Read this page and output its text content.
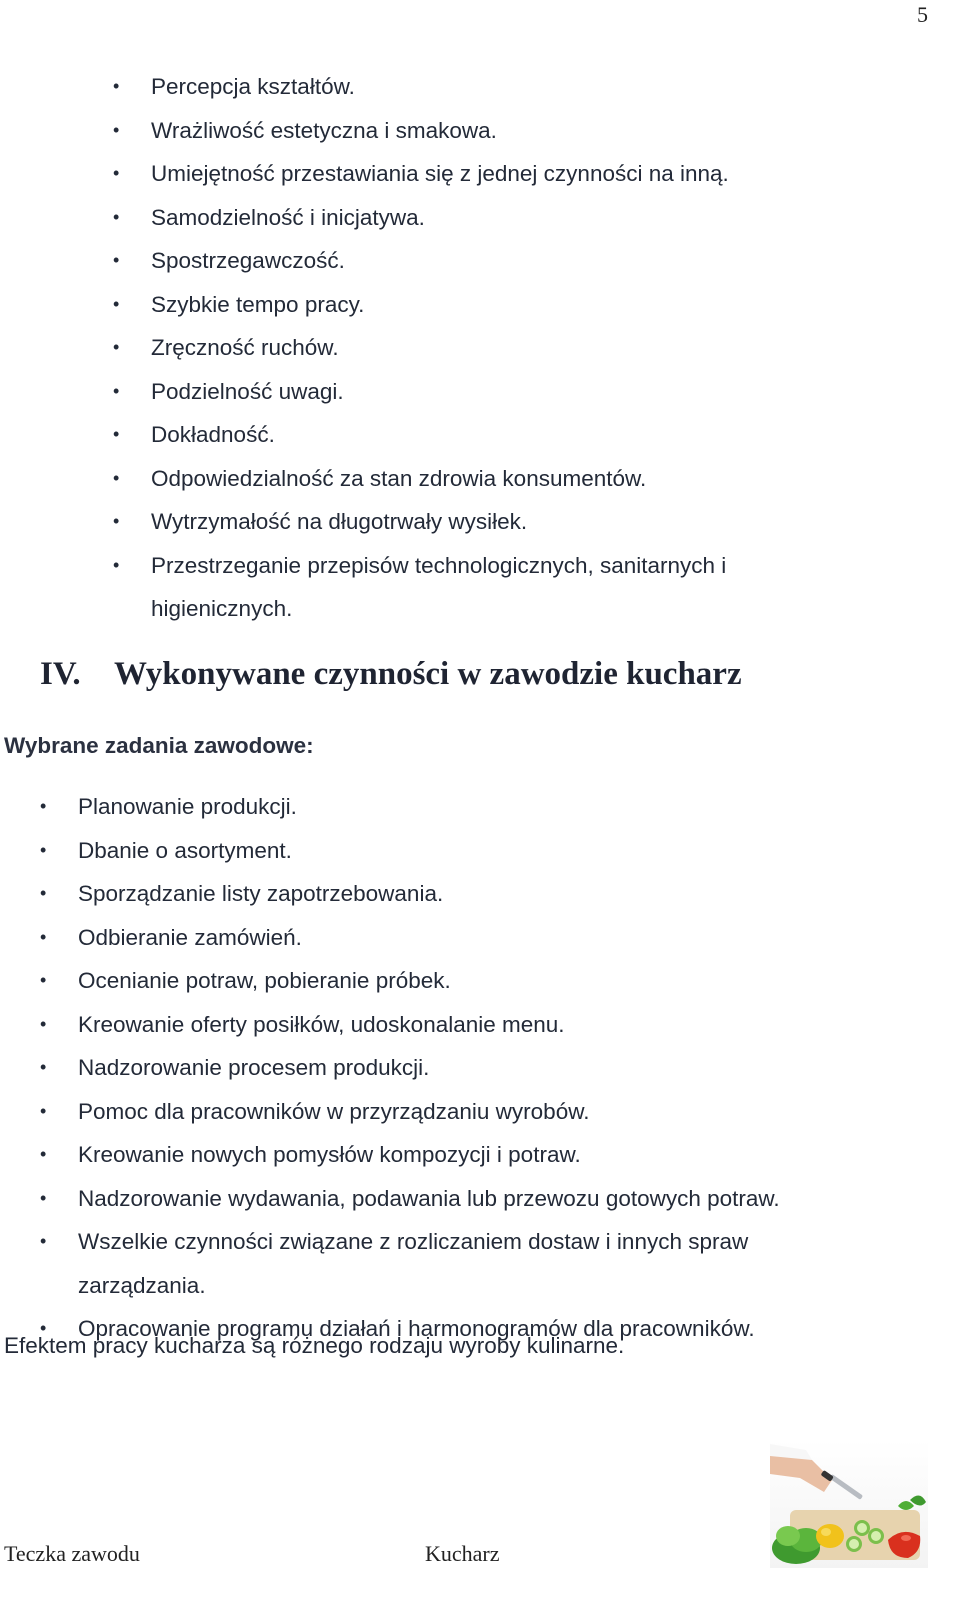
5
• Percepcja kształtów.
• Wrażliwość estetyczna i smakowa.
• Umiejętność przestawiania się z jednej czynności na inną.
• Samodzielność i inicjatywa.
• Spostrzegawczość.
• Szybkie tempo pracy.
• Zręczność ruchów.
• Podzielność uwagi.
• Dokładność.
• Odpowiedzialność za stan zdrowia konsumentów.
• Wytrzymałość na długotrwały wysiłek.
• Przestrzeganie przepisów technologicznych, sanitarnych i higienicznych.
IV. Wykonywane czynności w zawodzie kucharz
Wybrane zadania zawodowe:
• Planowanie produkcji.
• Dbanie o asortyment.
• Sporządzanie listy zapotrzebowania.
• Odbieranie zamówień.
• Ocenianie potraw, pobieranie próbek.
• Kreowanie oferty posiłków, udoskonalanie menu.
• Nadzorowanie procesem produkcji.
• Pomoc dla pracowników w przyrządzaniu wyrobów.
• Kreowanie nowych pomysłów kompozycji i potraw.
• Nadzorowanie wydawania, podawania lub przewozu gotowych potraw.
• Wszelkie czynności związane z rozliczaniem dostaw i innych spraw zarządzania.
• Opracowanie programu działań i harmonogramów dla pracowników.
Efektem pracy kucharza są różnego rodzaju wyroby kulinarne.
Teczka zawodu	Kucharz
